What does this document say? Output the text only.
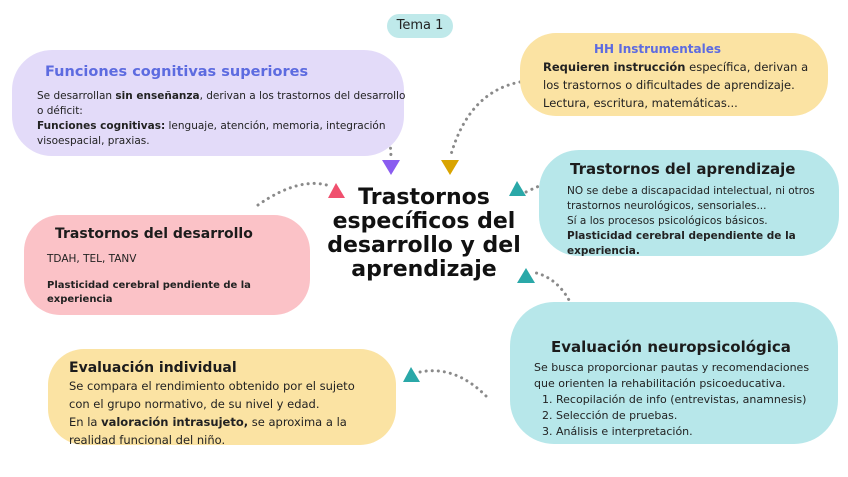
Tema 1
Funciones cognitivas superiores
Se desarrollan sin enseñanza, derivan a los trastornos del desarrollo
o déficit:
Funciones cognitivas: lenguaje, atención, memoria, integración
visoespacial, praxias.
HH Instrumentales
Requieren instrucción específica, derivan a
los trastornos o dificultades de aprendizaje.
Lectura, escritura, matemáticas...
Trastornos del aprendizaje
NO se debe a discapacidad intelectual, ni otros
trastornos neurológicos, sensoriales...
Sí a los procesos psicológicos básicos.
Plasticidad cerebral dependiente de la
experiencia.
Trastornos del desarrollo
TDAH, TEL, TANV
Plasticidad cerebral pendiente de la
experiencia
Trastornos
específicos del
desarrollo y del
aprendizaje
Evaluación neuropsicológica
Se busca proporcionar pautas y recomendaciones
que orienten la rehabilitación psicoeducativa.
1. Recopilación de info (entrevistas, anamnesis)
2. Selección de pruebas.
3. Análisis e interpretación.
Evaluación individual
Se compara el rendimiento obtenido por el sujeto
con el grupo normativo, de su nivel y edad.
En la valoración intrasujeto, se aproxima a la
realidad funcional del niño.
